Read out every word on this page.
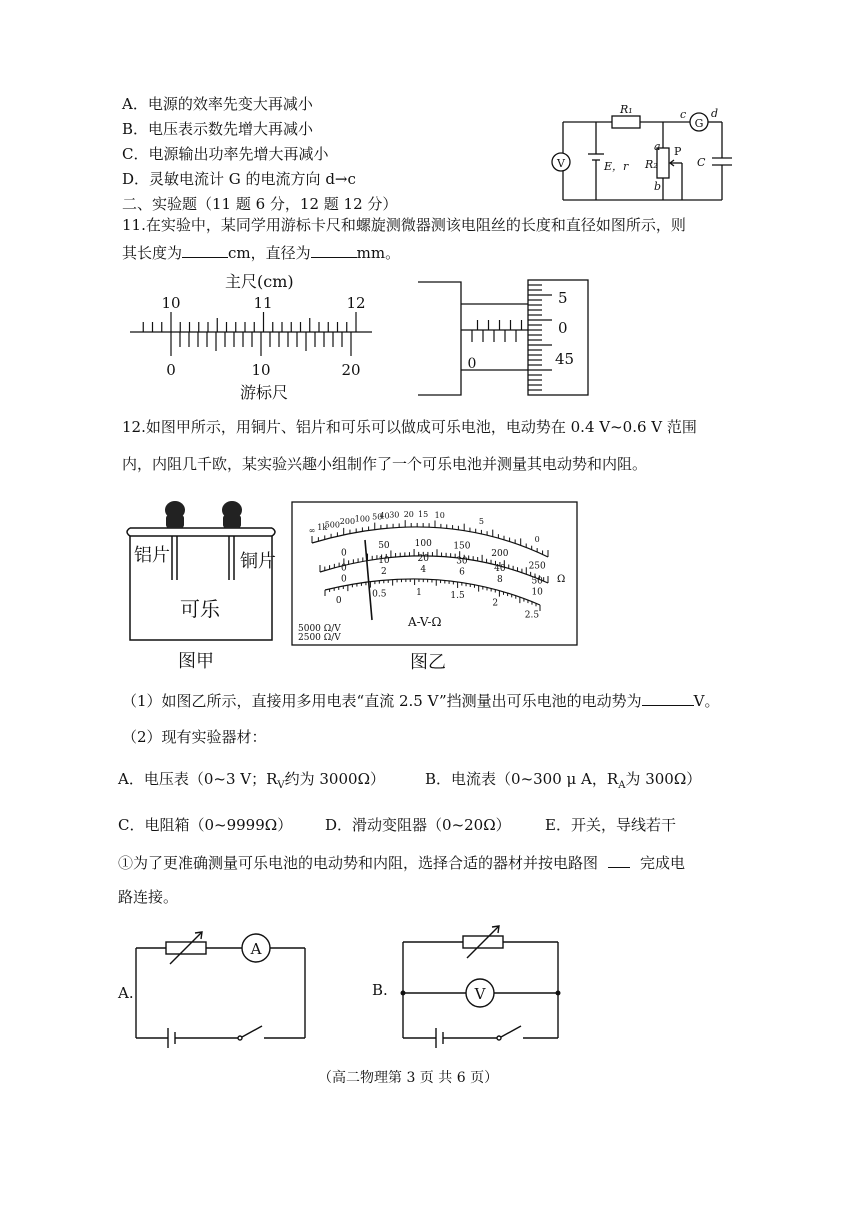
A．电源的效率先变大再减小
B．电压表示数先增大再减小
C．电源输出功率先增大再减小
D．灵敏电流计 G 的电流方向 d→c
V
G
R₁	c d
a
b
R₂
P
C
E，r
二、实验题（11 题 6 分，12 题 12 分）
11.在实验中，某同学用游标卡尺和螺旋测微器测该电阻丝的长度和直径如图所示，则
其长度为	cm，直径为	mm。
主尺(cm)
10	11	12
0	10	20
游标尺
0
5
0
45
12.如图甲所示，用铜片、铝片和可乐可以做成可乐电池，电动势在 0.4 V~0.6 V 范围
内，内阻几千欧，某实验兴趣小组制作了一个可乐电池并测量其电动势和内阻。
铝片	铜片
可乐
图甲
∞ 1k
500 200 100 50
40 30 20 15 10
5
0
0
50	100 150
200
250
0
10	20	30
40
50
0
2	4	6
8
10
0
0.5	1	1.5
2
2.5
A-V-Ω
Ω
5000 Ω/V
2500 Ω/V
图乙
（1）如图乙所示，直接用多用电表“直流 2.5 V”挡测量出可乐电池的电动势为	V。
（2）现有实验器材：
A．电压表（0~3 V；$R_V$约为 3000Ω）	B．电流表（0~300 μ A，$R_A$为 300Ω）
C．电阻箱（0~9999Ω） D．滑动变阻器（0~20Ω） E．开关，导线若干
①为了更准确测量可乐电池的电动势和内阻，选择合适的器材并按电路图	完成电
路连接。
A
A.	V
B.
（高二物理第 3 页 共 6 页）
